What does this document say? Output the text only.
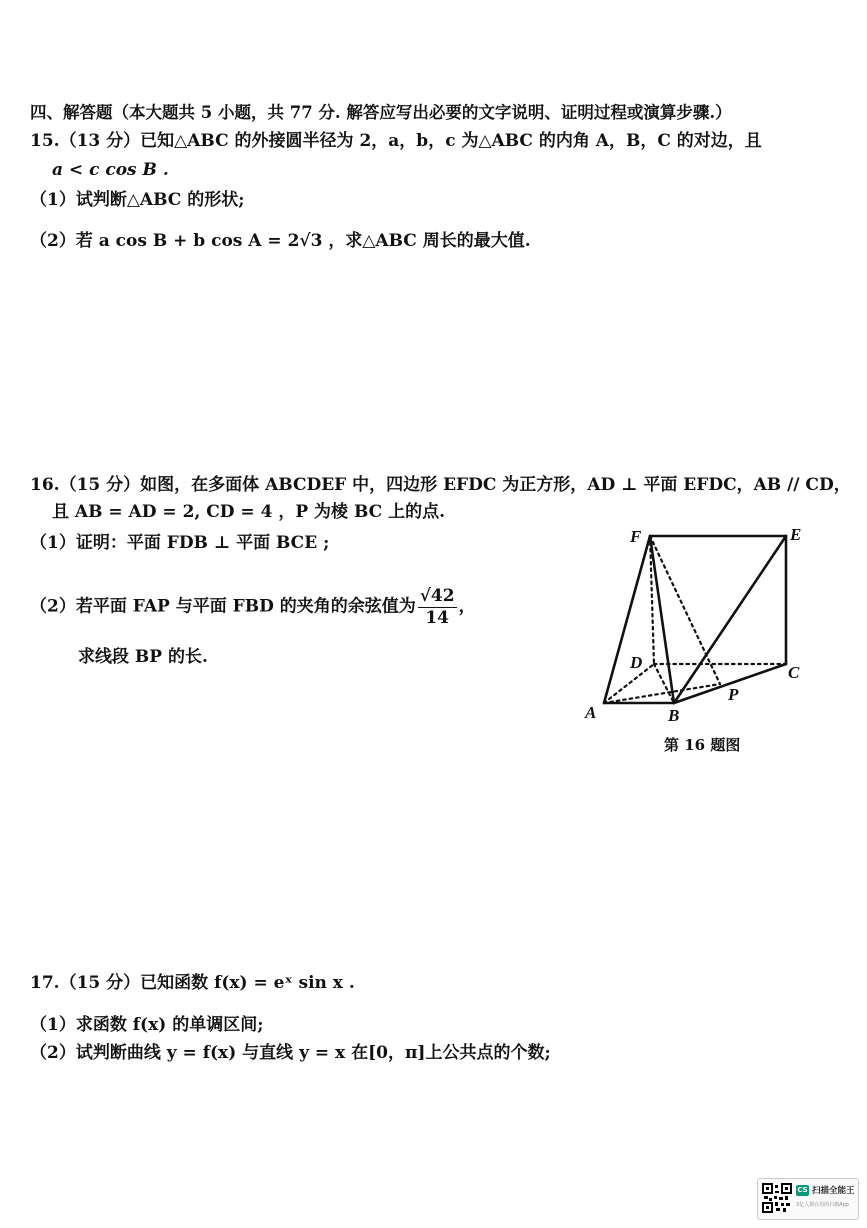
四、解答题（本大题共 5 小题，共 77 分. 解答应写出必要的文字说明、证明过程或演算步骤.）
15.（13 分）已知△ABC 的外接圆半径为 2，a，b，c 为△ABC 的内角 A，B，C 的对边，且
a < c cos B .
（1）试判断△ABC 的形状;
（2）若 a cos B + b cos A = 2√3 ，求△ABC 周长的最大值.
16.（15 分）如图，在多面体 ABCDEF 中，四边形 EFDC 为正方形，AD ⊥ 平面 EFDC，AB // CD，
且 AB = AD = 2, CD = 4 ，P 为棱 BC 上的点.
（1）证明：平面 FDB ⊥ 平面 BCE ;
（2）若平面 FAP 与平面 FBD 的夹角的余弦值为 $\frac{√42}{14}$ ，
求线段 BP 的长.
F	E
D
C
A	B
P
第 16 题图
17.（15 分）已知函数 f(x) = eˣ sin x .
（1）求函数 f(x) 的单调区间;
（2）试判断曲线 y = f(x) 与直线 y = x 在[0，π]上公共点的个数;
CS 扫描全能王
3亿人都在用的扫描App
